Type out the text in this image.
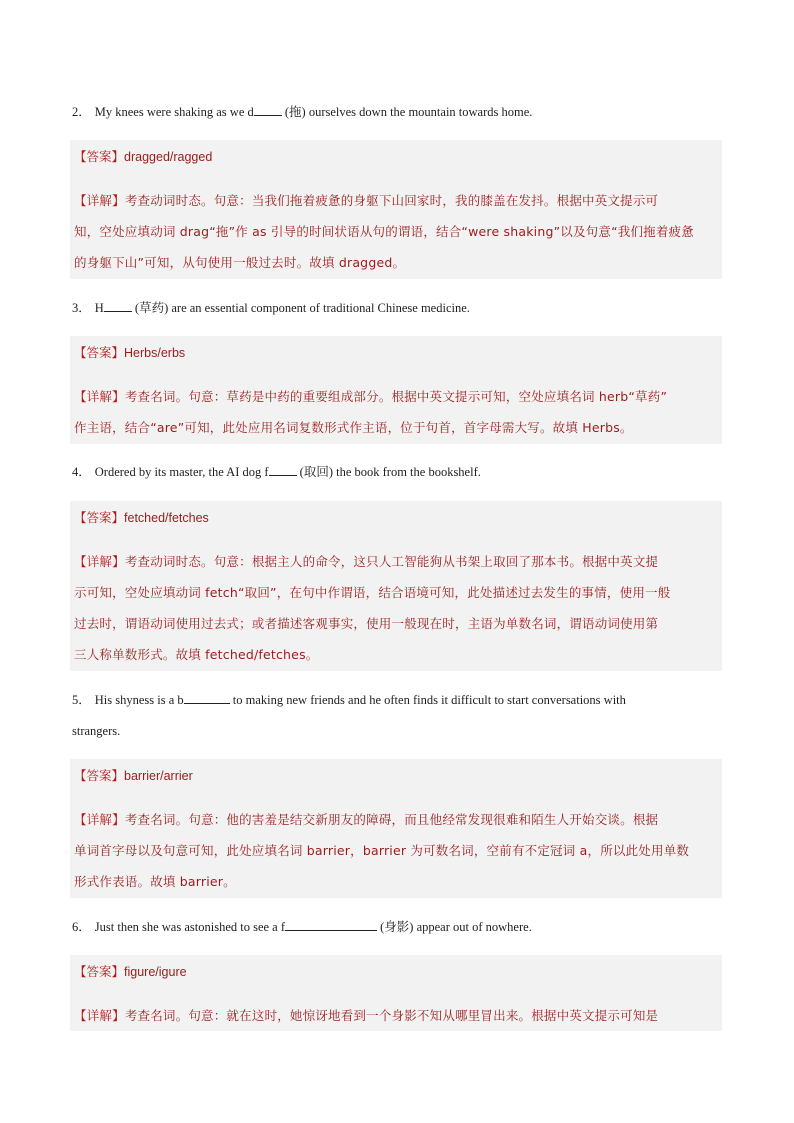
2． My knees were shaking as we d (拖) ourselves down the mountain towards home.
【答案】dragged/ragged
【详解】考查动词时态。句意：当我们拖着疲惫的身躯下山回家时，我的膝盖在发抖。根据中英文提示可
知，空处应填动词 drag“拖”作 as 引导的时间状语从句的谓语，结合“were shaking”以及句意“我们拖着疲惫
的身躯下山”可知，从句使用一般过去时。故填 dragged。
3． H (草药) are an essential component of traditional Chinese medicine.
【答案】Herbs/erbs
【详解】考查名词。句意：草药是中药的重要组成部分。根据中英文提示可知，空处应填名词 herb“草药”
作主语，结合“are”可知，此处应用名词复数形式作主语，位于句首，首字母需大写。故填 Herbs。
4． Ordered by its master, the AI dog f (取回) the book from the bookshelf.
【答案】fetched/fetches
【详解】考查动词时态。句意：根据主人的命令，这只人工智能狗从书架上取回了那本书。根据中英文提
示可知，空处应填动词 fetch“取回”，在句中作谓语，结合语境可知，此处描述过去发生的事情，使用一般
过去时，谓语动词使用过去式；或者描述客观事实，使用一般现在时，主语为单数名词，谓语动词使用第
三人称单数形式。故填 fetched/fetches。
5． His shyness is a b	to making new friends and he often finds it difficult to start conversations with
strangers.
【答案】barrier/arrier
【详解】考查名词。句意：他的害羞是结交新朋友的障碍，而且他经常发现很难和陌生人开始交谈。根据
单词首字母以及句意可知，此处应填名词 barrier，barrier 为可数名词，空前有不定冠词 a，所以此处用单数
形式作表语。故填 barrier。
6． Just then she was astonished to see a f	(身影) appear out of nowhere.
【答案】figure/igure
【详解】考查名词。句意：就在这时，她惊讶地看到一个身影不知从哪里冒出来。根据中英文提示可知是
